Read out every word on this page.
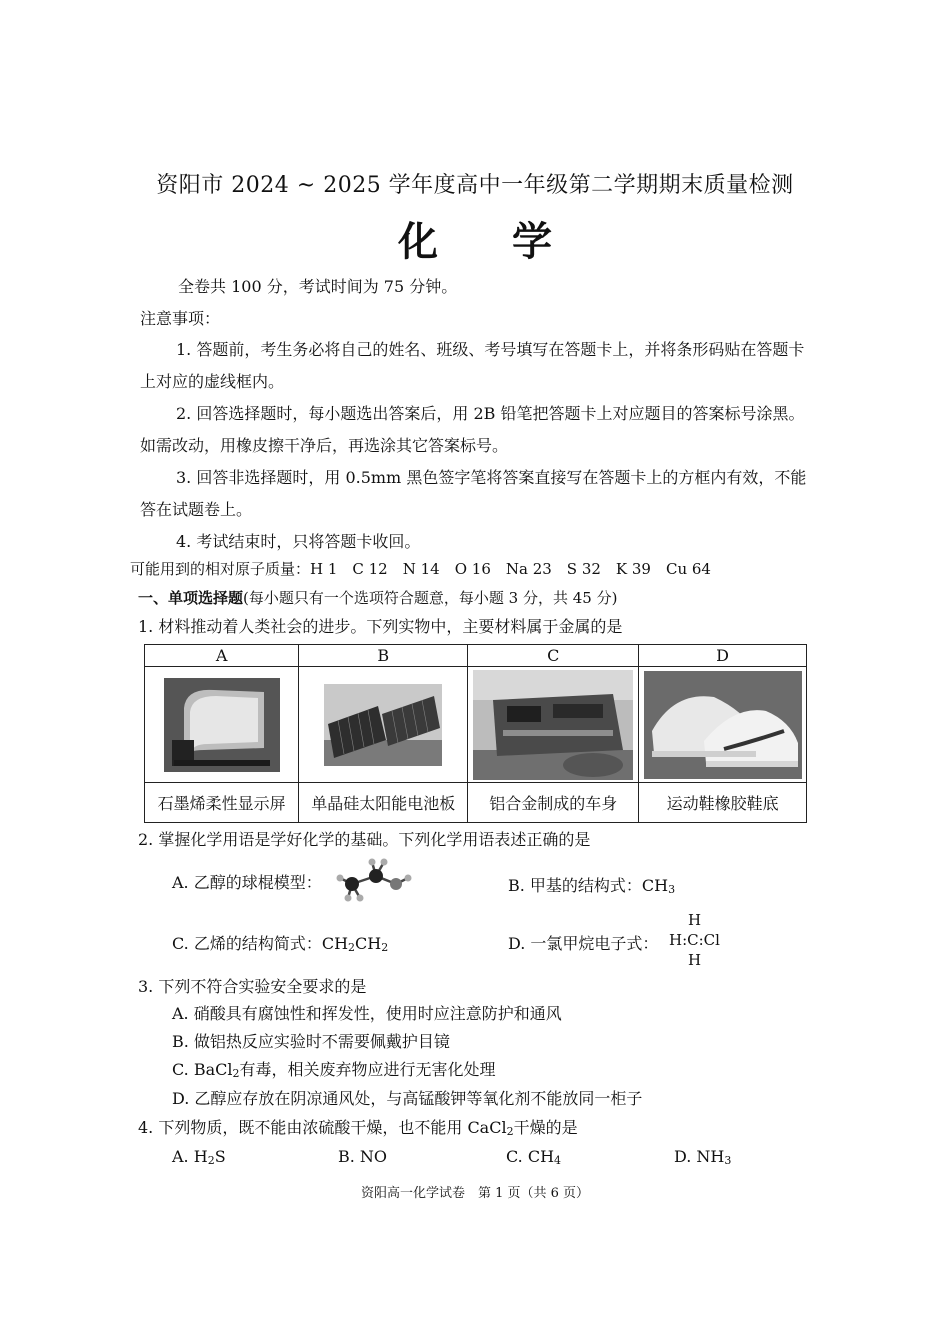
资阳市 2024 ~ 2025 学年度高中一年级第二学期期末质量检测
化 学
全卷共 100 分，考试时间为 75 分钟。
注意事项：
1. 答题前，考生务必将自己的姓名、班级、考号填写在答题卡上，并将条形码贴在答题卡上对应的虚线框内。
2. 回答选择题时，每小题选出答案后，用 2B 铅笔把答题卡上对应题目的答案标号涂黑。如需改动，用橡皮擦干净后，再选涂其它答案标号。
3. 回答非选择题时，用 0.5mm 黑色签字笔将答案直接写在答题卡上的方框内有效，不能答在试题卷上。
4. 考试结束时，只将答题卡收回。
可能用到的相对原子质量：H 1　C 12　N 14　O 16　Na 23　S 32　K 39　Cu 64
一、单项选择题(每小题只有一个选项符合题意，每小题 3 分，共 45 分)
1. 材料推动着人类社会的进步。下列实物中，主要材料属于金属的是
A	B	C	D

石墨烯柔性显示屏	单晶硅太阳能电池板	铝合金制成的车身	运动鞋橡胶鞋底
2. 掌握化学用语是学好化学的基础。下列化学用语表述正确的是
A. 乙醇的球棍模型：	B. 甲基的结构式：$CH_3$
C. 乙烯的结构简式：$CH_2CH_2$	D. 一氯甲烷电子式：
H
H:C:Cl
H
3. 下列不符合实验安全要求的是
A. 硝酸具有腐蚀性和挥发性，使用时应注意防护和通风
B. 做铝热反应实验时不需要佩戴护目镜
C. BaCl$_2$有毒，相关废弃物应进行无害化处理
D. 乙醇应存放在阴凉通风处，与高锰酸钾等氧化剂不能放同一柜子
4. 下列物质，既不能由浓硫酸干燥，也不能用 CaCl$_2$干燥的是
A. $H_2S$	B. NO	C. $CH_4$	D. $NH_3$
资阳高一化学试卷　第 1 页（共 6 页）
